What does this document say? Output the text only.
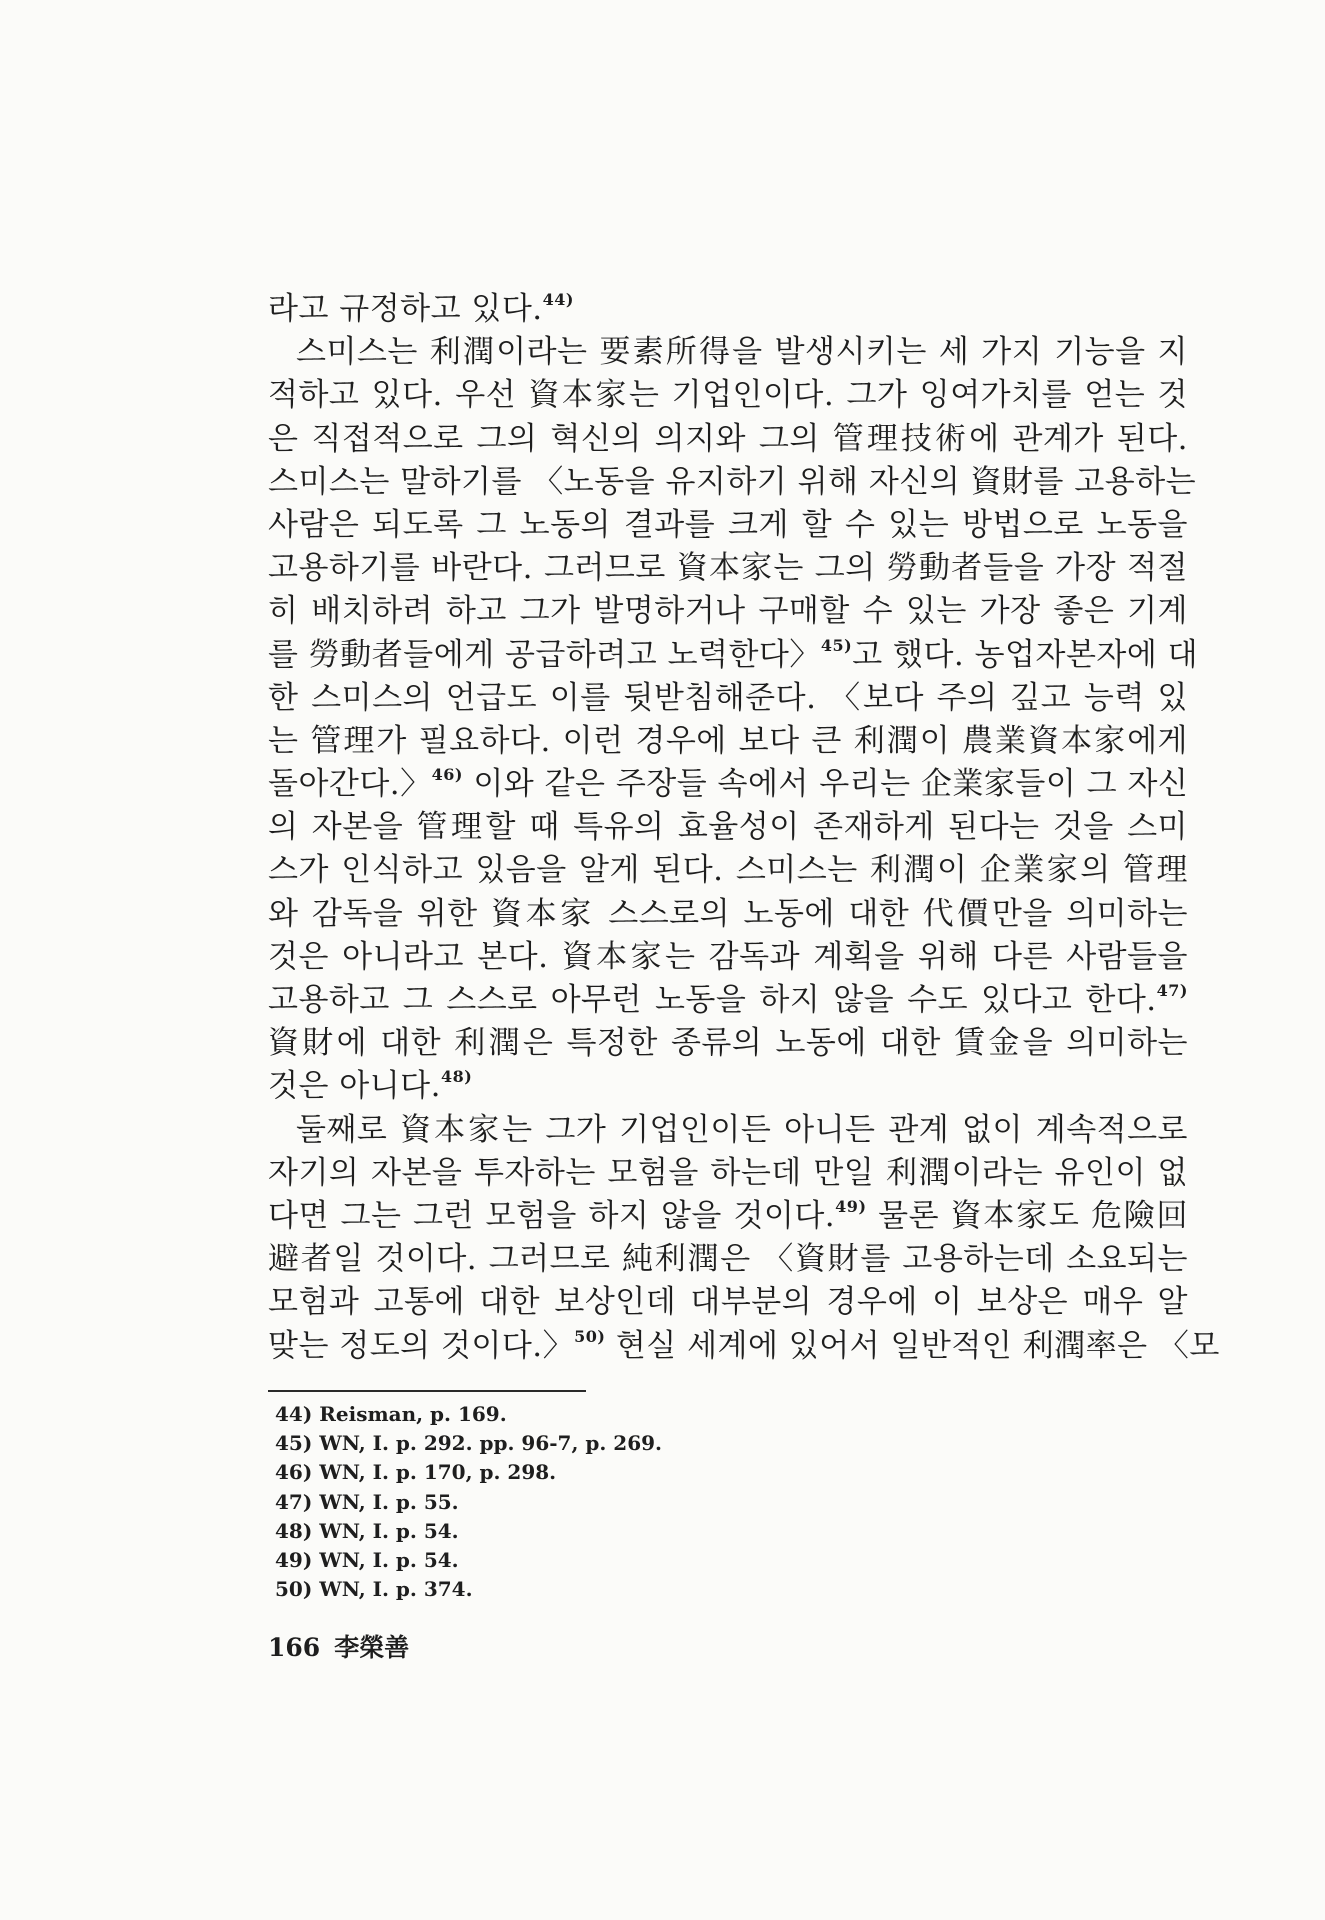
라고 규정하고 있다.$^{44)}$
스미스는 利潤이라는 要素所得을 발생시키는 세 가지 기능을 지
적하고 있다. 우선 資本家는 기업인이다. 그가 잉여가치를 얻는 것
은 직접적으로 그의 혁신의 의지와 그의 管理技術에 관계가 된다.
스미스는 말하기를 〈노동을 유지하기 위해 자신의 資財를 고용하는
사람은 되도록 그 노동의 결과를 크게 할 수 있는 방법으로 노동을
고용하기를 바란다. 그러므로 資本家는 그의 勞動者들을 가장 적절
히 배치하려 하고 그가 발명하거나 구매할 수 있는 가장 좋은 기계
를 勞動者들에게 공급하려고 노력한다〉$^{45)}$고 했다. 농업자본자에 대
한 스미스의 언급도 이를 뒷받침해준다. 〈보다 주의 깊고 능력 있
는 管理가 필요하다. 이런 경우에 보다 큰 利潤이 農業資本家에게
돌아간다.〉$^{46)}$ 이와 같은 주장들 속에서 우리는 企業家들이 그 자신
의 자본을 管理할 때 특유의 효율성이 존재하게 된다는 것을 스미
스가 인식하고 있음을 알게 된다. 스미스는 利潤이 企業家의 管理
와 감독을 위한 資本家 스스로의 노동에 대한 代價만을 의미하는
것은 아니라고 본다. 資本家는 감독과 계획을 위해 다른 사람들을
고용하고 그 스스로 아무런 노동을 하지 않을 수도 있다고 한다.$^{47)}$
資財에 대한 利潤은 특정한 종류의 노동에 대한 賃金을 의미하는
것은 아니다.$^{48)}$
둘째로 資本家는 그가 기업인이든 아니든 관계 없이 계속적으로
자기의 자본을 투자하는 모험을 하는데 만일 利潤이라는 유인이 없
다면 그는 그런 모험을 하지 않을 것이다.$^{49)}$ 물론 資本家도 危險回
避者일 것이다. 그러므로 純利潤은 〈資財를 고용하는데 소요되는
모험과 고통에 대한 보상인데 대부분의 경우에 이 보상은 매우 알
맞는 정도의 것이다.〉$^{50)}$ 현실 세계에 있어서 일반적인 利潤率은 〈모
44) Reisman, p. 169.
45) WN, I. p. 292. pp. 96-7, p. 269.
46) WN, I. p. 170, p. 298.
47) WN, I. p. 55.
48) WN, I. p. 54.
49) WN, I. p. 54.
50) WN, I. p. 374.
166 李榮善
